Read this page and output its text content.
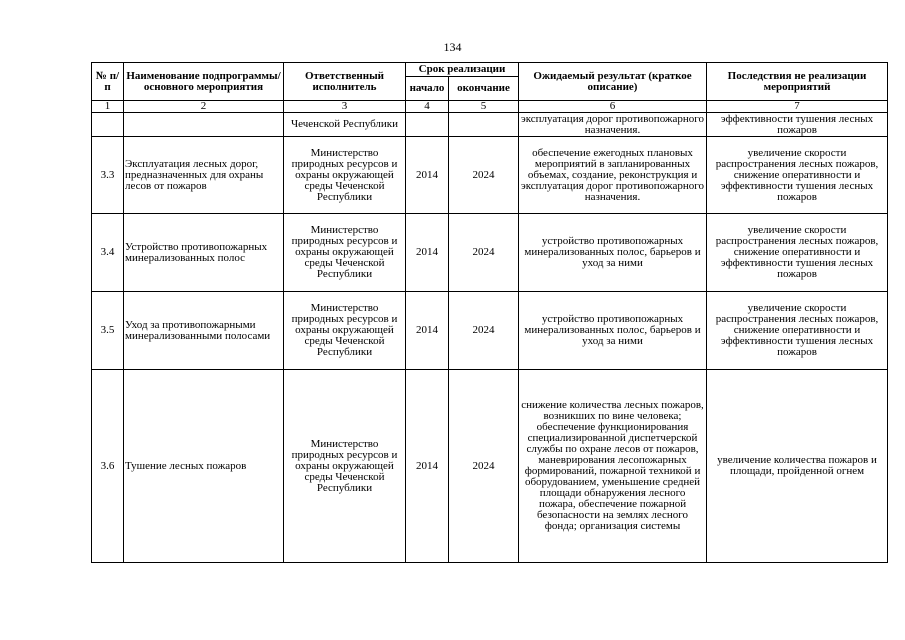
134
№ п/п	Наименование подпрограммы/ основного мероприятия	Ответственный исполнитель	Срок реализации		Ожидаемый результат (краткое описание)	Последствия не реализации мероприятий
			начало	окончание		
1	2	3	4	5	6	7
		Чеченской Республики			эксплуатация дорог противопожарного назначения.	эффективности тушения лесных пожаров
3.3	Эксплуатация лесных дорог, предназначенных для охраны лесов от пожаров	Министерство природных ресурсов и охраны окружающей среды Чеченской Республики	2014	2024	обеспечение ежегодных плановых мероприятий в запланированных объемах, создание, реконструкция и эксплуатация дорог противопожарного назначения.	увеличение скорости распространения лесных пожаров, снижение оперативности и эффективности тушения лесных пожаров
3.4	Устройство противопожарных минерализованных полос	Министерство природных ресурсов и охраны окружающей среды Чеченской Республики	2014	2024	устройство противопожарных минерализованных полос, барьеров и уход за ними	увеличение скорости распространения лесных пожаров, снижение оперативности и эффективности тушения лесных пожаров
3.5	Уход за противопожарными минерализованными полосами	Министерство природных ресурсов и охраны окружающей среды Чеченской Республики	2014	2024	устройство противопожарных минерализованных полос, барьеров и уход за ними	увеличение скорости распространения лесных пожаров, снижение оперативности и эффективности тушения лесных пожаров
3.6	Тушение лесных пожаров	Министерство природных ресурсов и охраны окружающей среды Чеченской Республики	2014	2024	снижение количества лесных пожаров, возникших по вине человека; обеспечение функционирования специализированной диспетчерской службы по охране лесов от пожаров, маневрирования лесопожарных формирований, пожарной техникой и оборудованием, уменьшение средней площади обнаружения лесного пожара, обеспечение пожарной безопасности на землях лесного фонда; организация системы	увеличение количества пожаров и площади, пройденной огнем
